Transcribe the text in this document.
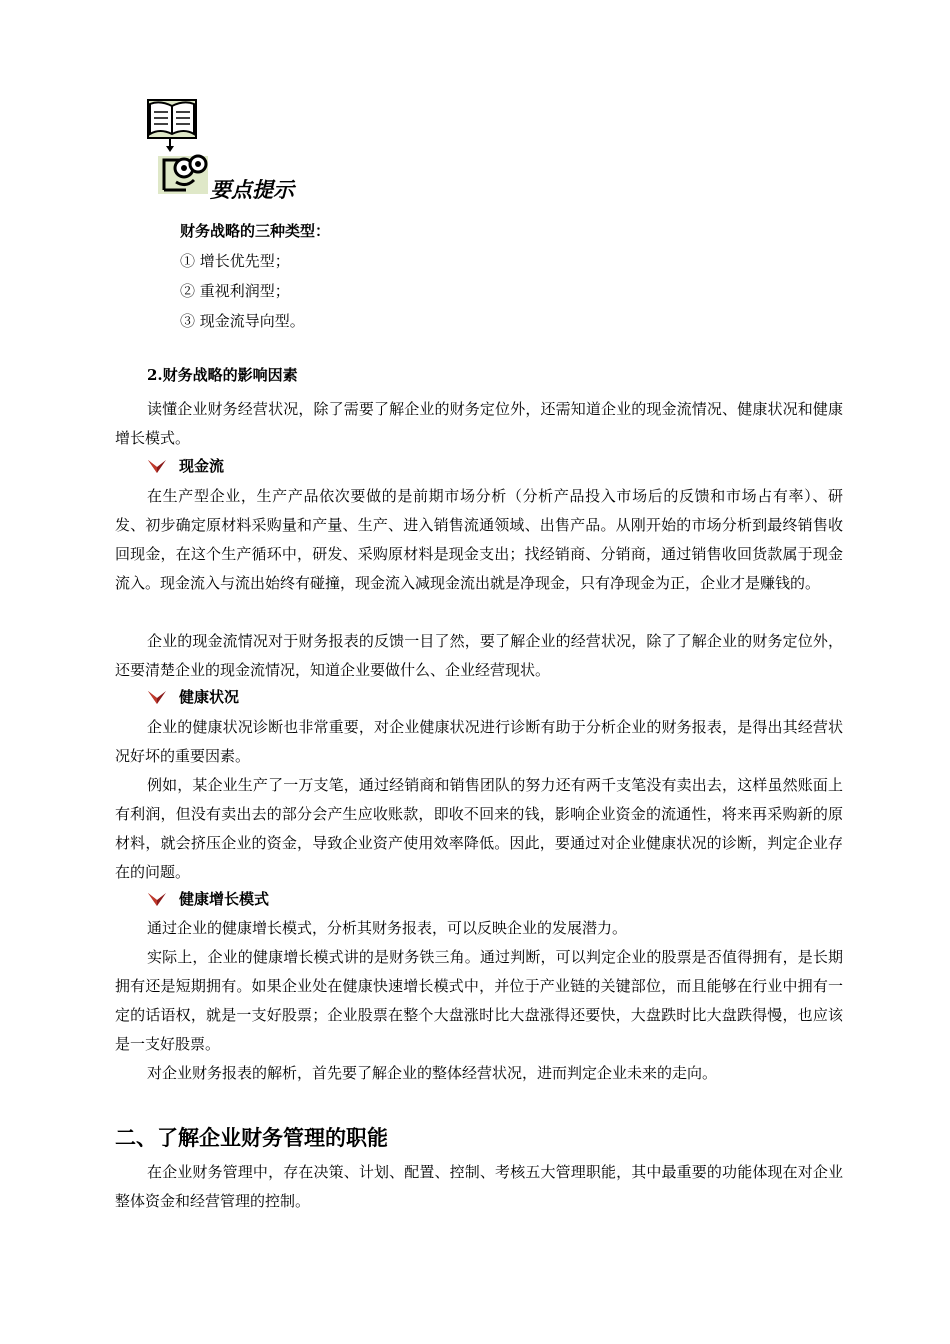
要点提示
财务战略的三种类型：
① 增长优先型；
② 重视利润型；
③ 现金流导向型。
2.财务战略的影响因素

读懂企业财务经营状况，除了需要了解企业的财务定位外，还需知道企业的现金流情况、健康状况和健康增长模式。

现金流

在生产型企业，生产产品依次要做的是前期市场分析（分析产品投入市场后的反馈和市场占有率）、研发、初步确定原材料采购量和产量、生产、进入销售流通领域、出售产品。从刚开始的市场分析到最终销售收回现金，在这个生产循环中，研发、采购原材料是现金支出；找经销商、分销商，通过销售收回货款属于现金流入。现金流入与流出始终有碰撞，现金流入减现金流出就是净现金，只有净现金为正，企业才是赚钱的。

企业的现金流情况对于财务报表的反馈一目了然，要了解企业的经营状况，除了了解企业的财务定位外，还要清楚企业的现金流情况，知道企业要做什么、企业经营现状。

健康状况

企业的健康状况诊断也非常重要，对企业健康状况进行诊断有助于分析企业的财务报表，是得出其经营状况好坏的重要因素。

例如，某企业生产了一万支笔，通过经销商和销售团队的努力还有两千支笔没有卖出去，这样虽然账面上有利润，但没有卖出去的部分会产生应收账款，即收不回来的钱，影响企业资金的流通性，将来再采购新的原材料，就会挤压企业的资金，导致企业资产使用效率降低。因此，要通过对企业健康状况的诊断，判定企业存在的问题。

健康增长模式

通过企业的健康增长模式，分析其财务报表，可以反映企业的发展潜力。

实际上，企业的健康增长模式讲的是财务铁三角。通过判断，可以判定企业的股票是否值得拥有，是长期拥有还是短期拥有。如果企业处在健康快速增长模式中，并位于产业链的关键部位，而且能够在行业中拥有一定的话语权，就是一支好股票；企业股票在整个大盘涨时比大盘涨得还要快，大盘跌时比大盘跌得慢，也应该是一支好股票。

对企业财务报表的解析，首先要了解企业的整体经营状况，进而判定企业未来的走向。

二、了解企业财务管理的职能

在企业财务管理中，存在决策、计划、配置、控制、考核五大管理职能，其中最重要的功能体现在对企业整体资金和经营管理的控制。
